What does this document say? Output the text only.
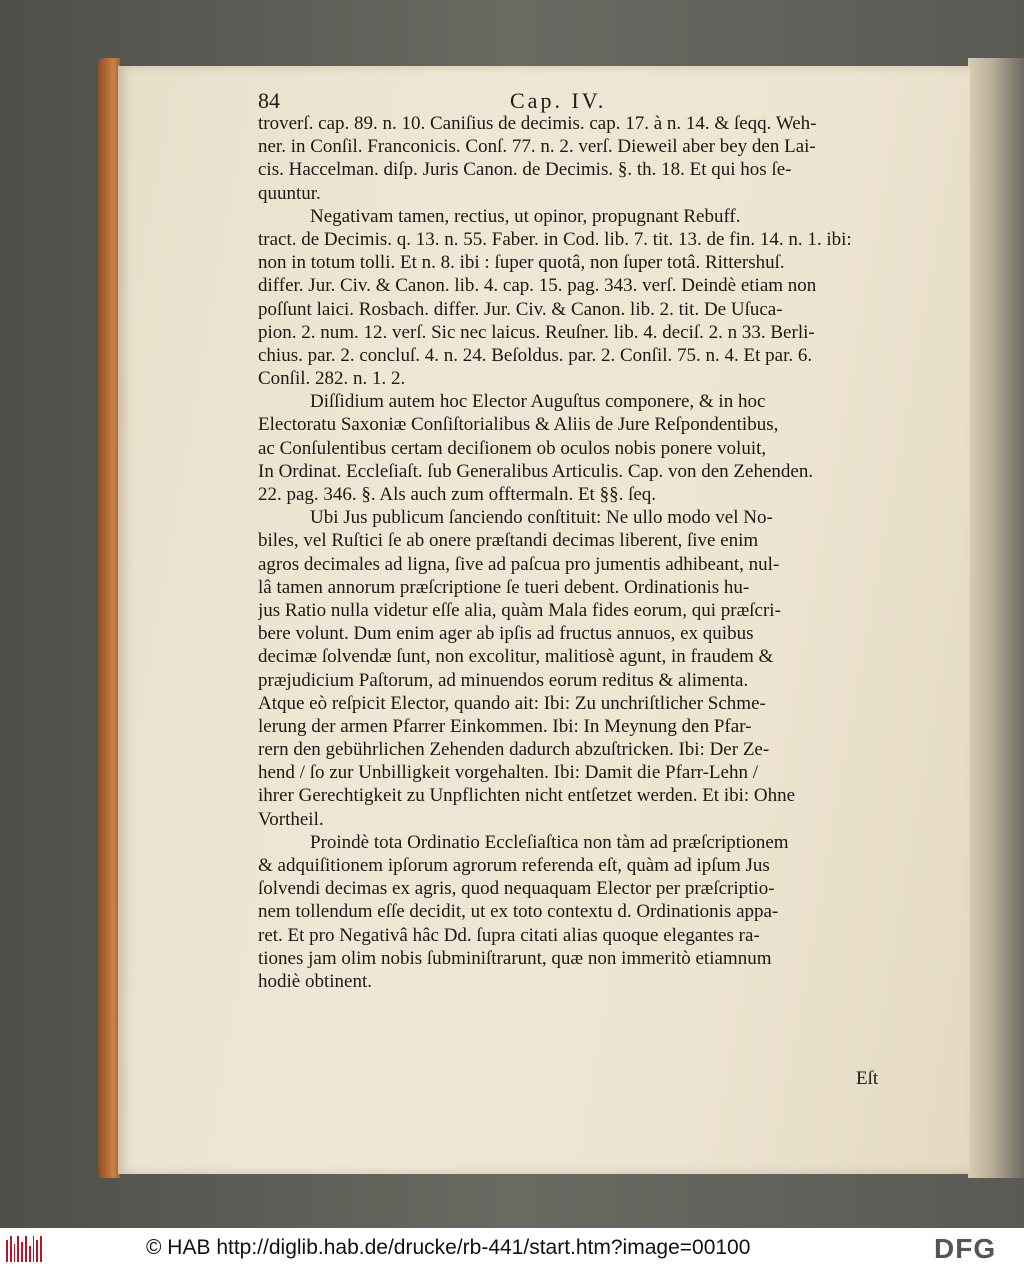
84	Cap. IV.
troverſ. cap. 89. n. 10. Caniſius de decimis. cap. 17. à n. 14. & ſeqq. Weh-
ner. in Conſil. Franconicis. Conſ. 77. n. 2. verſ. Dieweil aber bey den Lai-
cis. Haccelman. diſp. Juris Canon. de Decimis. §. th. 18. Et qui hos ſe-
quuntur.
Negativam tamen, rectius, ut opinor, propugnant Rebuff.
tract. de Decimis. q. 13. n. 55. Faber. in Cod. lib. 7. tit. 13. de fin. 14. n. 1. ibi:
non in totum tolli. Et n. 8. ibi : ſuper quotâ, non ſuper totâ. Rittershuſ.
differ. Jur. Civ. & Canon. lib. 4. cap. 15. pag. 343. verſ. Deindè etiam non
poſſunt laici. Rosbach. differ. Jur. Civ. & Canon. lib. 2. tit. De Uſuca-
pion. 2. num. 12. verſ. Sic nec laicus. Reuſner. lib. 4. deciſ. 2. n 33. Berli-
chius. par. 2. concluſ. 4. n. 24. Beſoldus. par. 2. Conſil. 75. n. 4. Et par. 6.
Conſil. 282. n. 1. 2.
Diſſidium autem hoc Elector Auguſtus componere, & in hoc
Electoratu Saxoniæ Conſiſtorialibus & Aliis de Jure Reſpondentibus,
ac Conſulentibus certam deciſionem ob oculos nobis ponere voluit,
In Ordinat. Eccleſiaſt. ſub Generalibus Articulis. Cap. von den Zehenden.
22. pag. 346. §. Als auch zum offtermaln. Et §§. ſeq.
Ubi Jus publicum ſanciendo conſtituit: Ne ullo modo vel No-
biles, vel Ruſtici ſe ab onere præſtandi decimas liberent, ſive enim
agros decimales ad ligna, ſive ad paſcua pro jumentis adhibeant, nul-
lâ tamen annorum præſcriptione ſe tueri debent. Ordinationis hu-
jus Ratio nulla videtur eſſe alia, quàm Mala fides eorum, qui præſcri-
bere volunt. Dum enim ager ab ipſis ad fructus annuos, ex quibus
decimæ ſolvendæ ſunt, non excolitur, malitiosè agunt, in fraudem &
præjudicium Paſtorum, ad minuendos eorum reditus & alimenta.
Atque eò reſpicit Elector, quando ait: Ibi: Zu unchriſtlicher Schme-
lerung der armen Pfarrer Einkommen. Ibi: In Meynung den Pfar-
rern den gebührlichen Zehenden dadurch abzuſtricken. Ibi: Der Ze-
hend / ſo zur Unbilligkeit vorgehalten. Ibi: Damit die Pfarr-Lehn /
ihrer Gerechtigkeit zu Unpflichten nicht entſetzet werden. Et ibi: Ohne
Vortheil.
Proindè tota Ordinatio Eccleſiaſtica non tàm ad præſcriptionem
& adquiſitionem ipſorum agrorum referenda eſt, quàm ad ipſum Jus
ſolvendi decimas ex agris, quod nequaquam Elector per præſcriptio-
nem tollendum eſſe decidit, ut ex toto contextu d. Ordinationis appa-
ret. Et pro Negativâ hâc Dd. ſupra citati alias quoque elegantes ra-
tiones jam olim nobis ſubminiſtrarunt, quæ non immeritò etiamnum
hodiè obtinent.
Eſt
© HAB http://diglib.hab.de/drucke/rb-441/start.htm?image=00100	DFG
